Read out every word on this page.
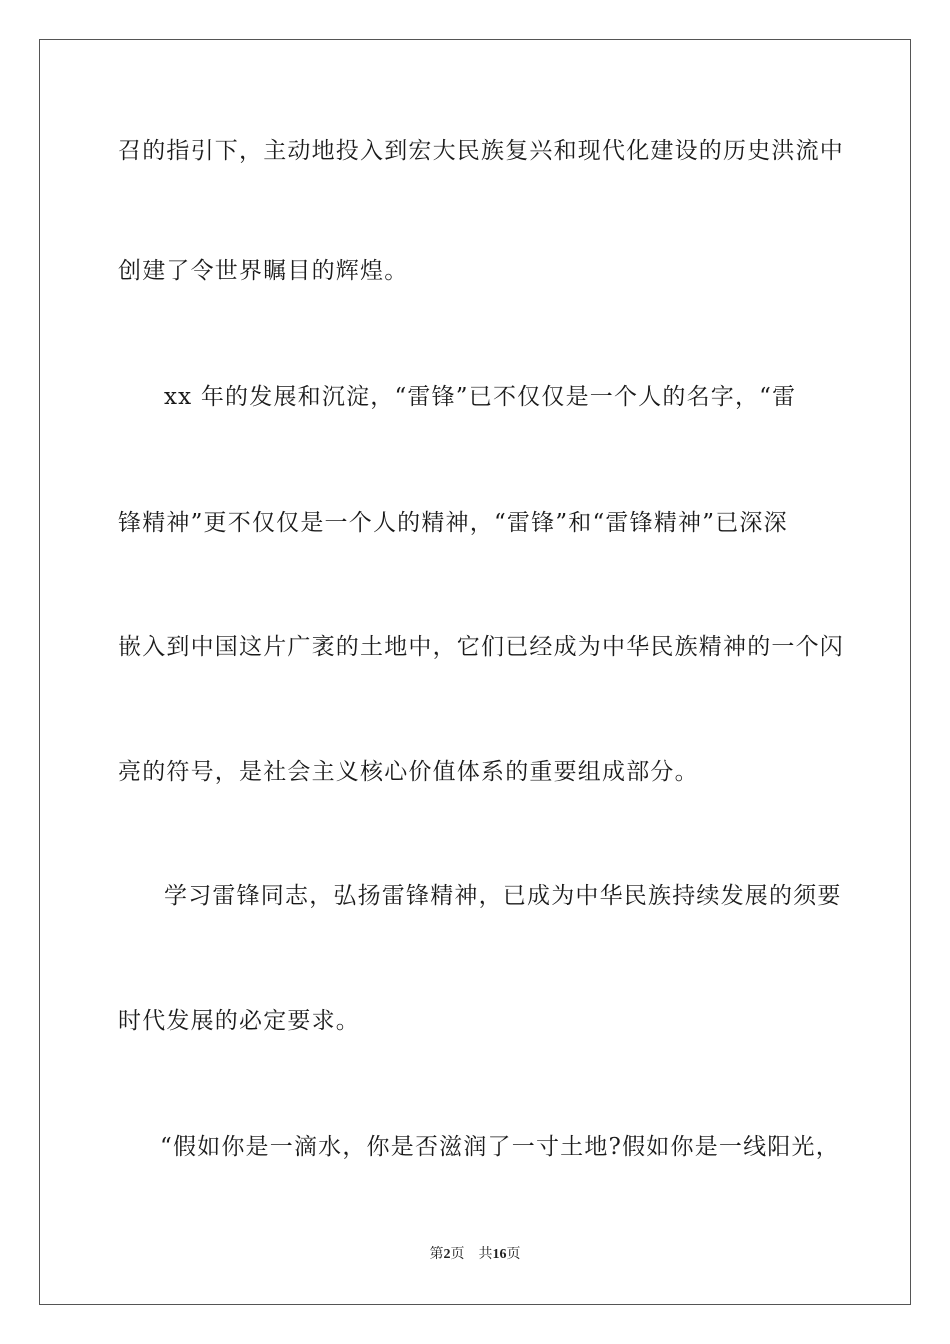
召的指引下，主动地投入到宏大民族复兴和现代化建设的历史洪流中
创建了令世界瞩目的辉煌。
xx 年的发展和沉淀，“雷锋”已不仅仅是一个人的名字，“雷
锋精神”更不仅仅是一个人的精神，“雷锋”和“雷锋精神”已深深
嵌入到中国这片广袤的土地中，它们已经成为中华民族精神的一个闪
亮的符号，是社会主义核心价值体系的重要组成部分。
学习雷锋同志，弘扬雷锋精神，已成为中华民族持续发展的须要
时代发展的必定要求。
“假如你是一滴水，你是否滋润了一寸土地?假如你是一线阳光，
第2页 共16页
